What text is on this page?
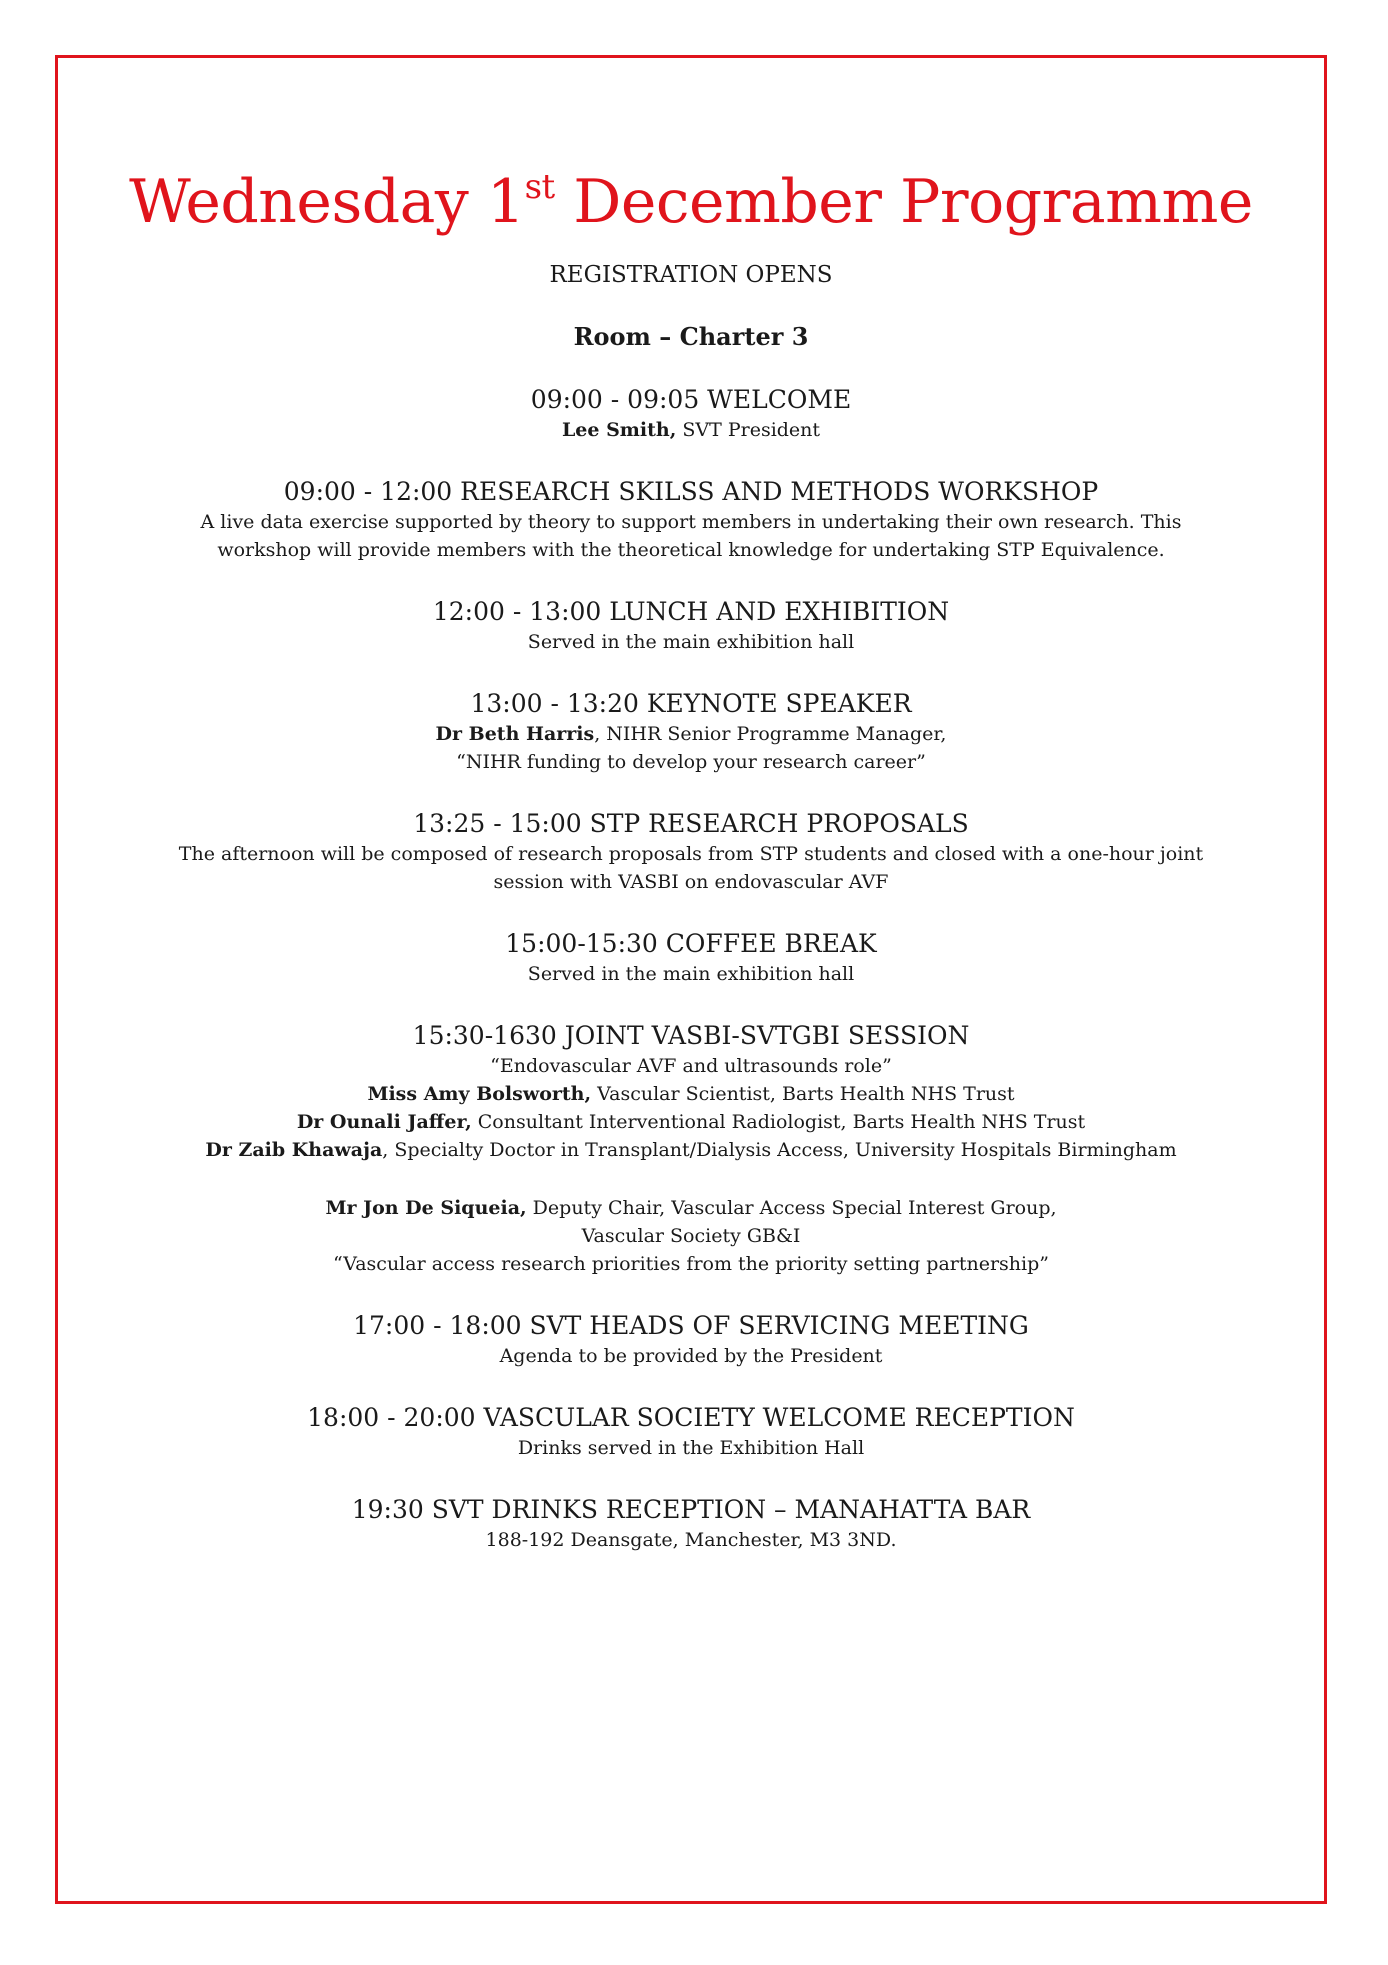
Wednesday 1st December Programme
REGISTRATION OPENS
Room – Charter 3
09:00 - 09:05 WELCOME
Lee Smith, SVT President
09:00 - 12:00 RESEARCH SKILSS AND METHODS WORKSHOP
A live data exercise supported by theory to support members in undertaking their own research. This
workshop will provide members with the theoretical knowledge for undertaking STP Equivalence.
12:00 - 13:00 LUNCH AND EXHIBITION
Served in the main exhibition hall
13:00 - 13:20 KEYNOTE SPEAKER
Dr Beth Harris, NIHR Senior Programme Manager,
“NIHR funding to develop your research career”
13:25 - 15:00 STP RESEARCH PROPOSALS
The afternoon will be composed of research proposals from STP students and closed with a one-hour joint
session with VASBI on endovascular AVF
15:00-15:30 COFFEE BREAK
Served in the main exhibition hall
15:30-1630 JOINT VASBI-SVTGBI SESSION
“Endovascular AVF and ultrasounds role”
Miss Amy Bolsworth, Vascular Scientist, Barts Health NHS Trust
Dr Ounali Jaffer, Consultant Interventional Radiologist, Barts Health NHS Trust
Dr Zaib Khawaja, Specialty Doctor in Transplant/Dialysis Access, University Hospitals Birmingham
Mr Jon De Siqueia, Deputy Chair, Vascular Access Special Interest Group,
Vascular Society GB&I
“Vascular access research priorities from the priority setting partnership”
17:00 - 18:00 SVT HEADS OF SERVICING MEETING
Agenda to be provided by the President
18:00 - 20:00 VASCULAR SOCIETY WELCOME RECEPTION
Drinks served in the Exhibition Hall
19:30 SVT DRINKS RECEPTION – MANAHATTA BAR
188-192 Deansgate, Manchester, M3 3ND.
